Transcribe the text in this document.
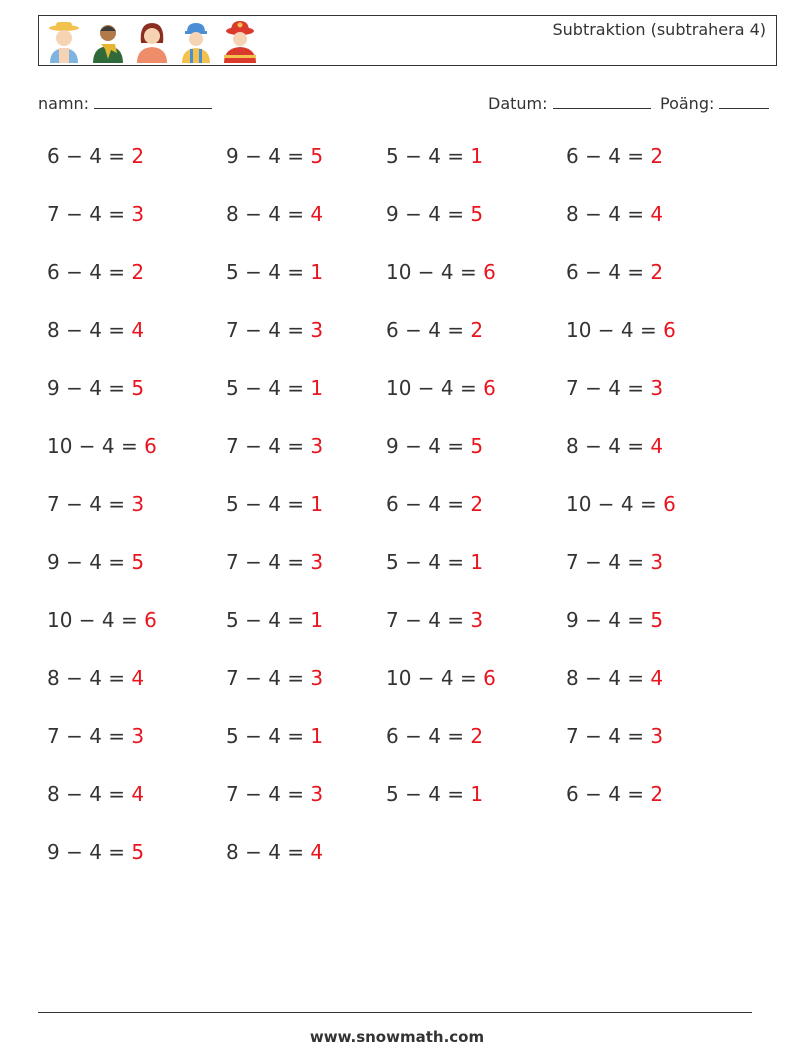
Subtraktion (subtrahera 4)
namn:	Datum:	Poäng:
6 − 4 = 2	9 − 4 = 5	5 − 4 = 1	6 − 4 = 2
7 − 4 = 3	8 − 4 = 4	9 − 4 = 5	8 − 4 = 4
6 − 4 = 2	5 − 4 = 1	10 − 4 = 6	6 − 4 = 2
8 − 4 = 4	7 − 4 = 3	6 − 4 = 2	10 − 4 = 6
9 − 4 = 5	5 − 4 = 1	10 − 4 = 6	7 − 4 = 3
10 − 4 = 6	7 − 4 = 3	9 − 4 = 5	8 − 4 = 4
7 − 4 = 3	5 − 4 = 1	6 − 4 = 2	10 − 4 = 6
9 − 4 = 5	7 − 4 = 3	5 − 4 = 1	7 − 4 = 3
10 − 4 = 6	5 − 4 = 1	7 − 4 = 3	9 − 4 = 5
8 − 4 = 4	7 − 4 = 3	10 − 4 = 6	8 − 4 = 4
7 − 4 = 3	5 − 4 = 1	6 − 4 = 2	7 − 4 = 3
8 − 4 = 4	7 − 4 = 3	5 − 4 = 1	6 − 4 = 2
9 − 4 = 5	8 − 4 = 4
www.snowmath.com
